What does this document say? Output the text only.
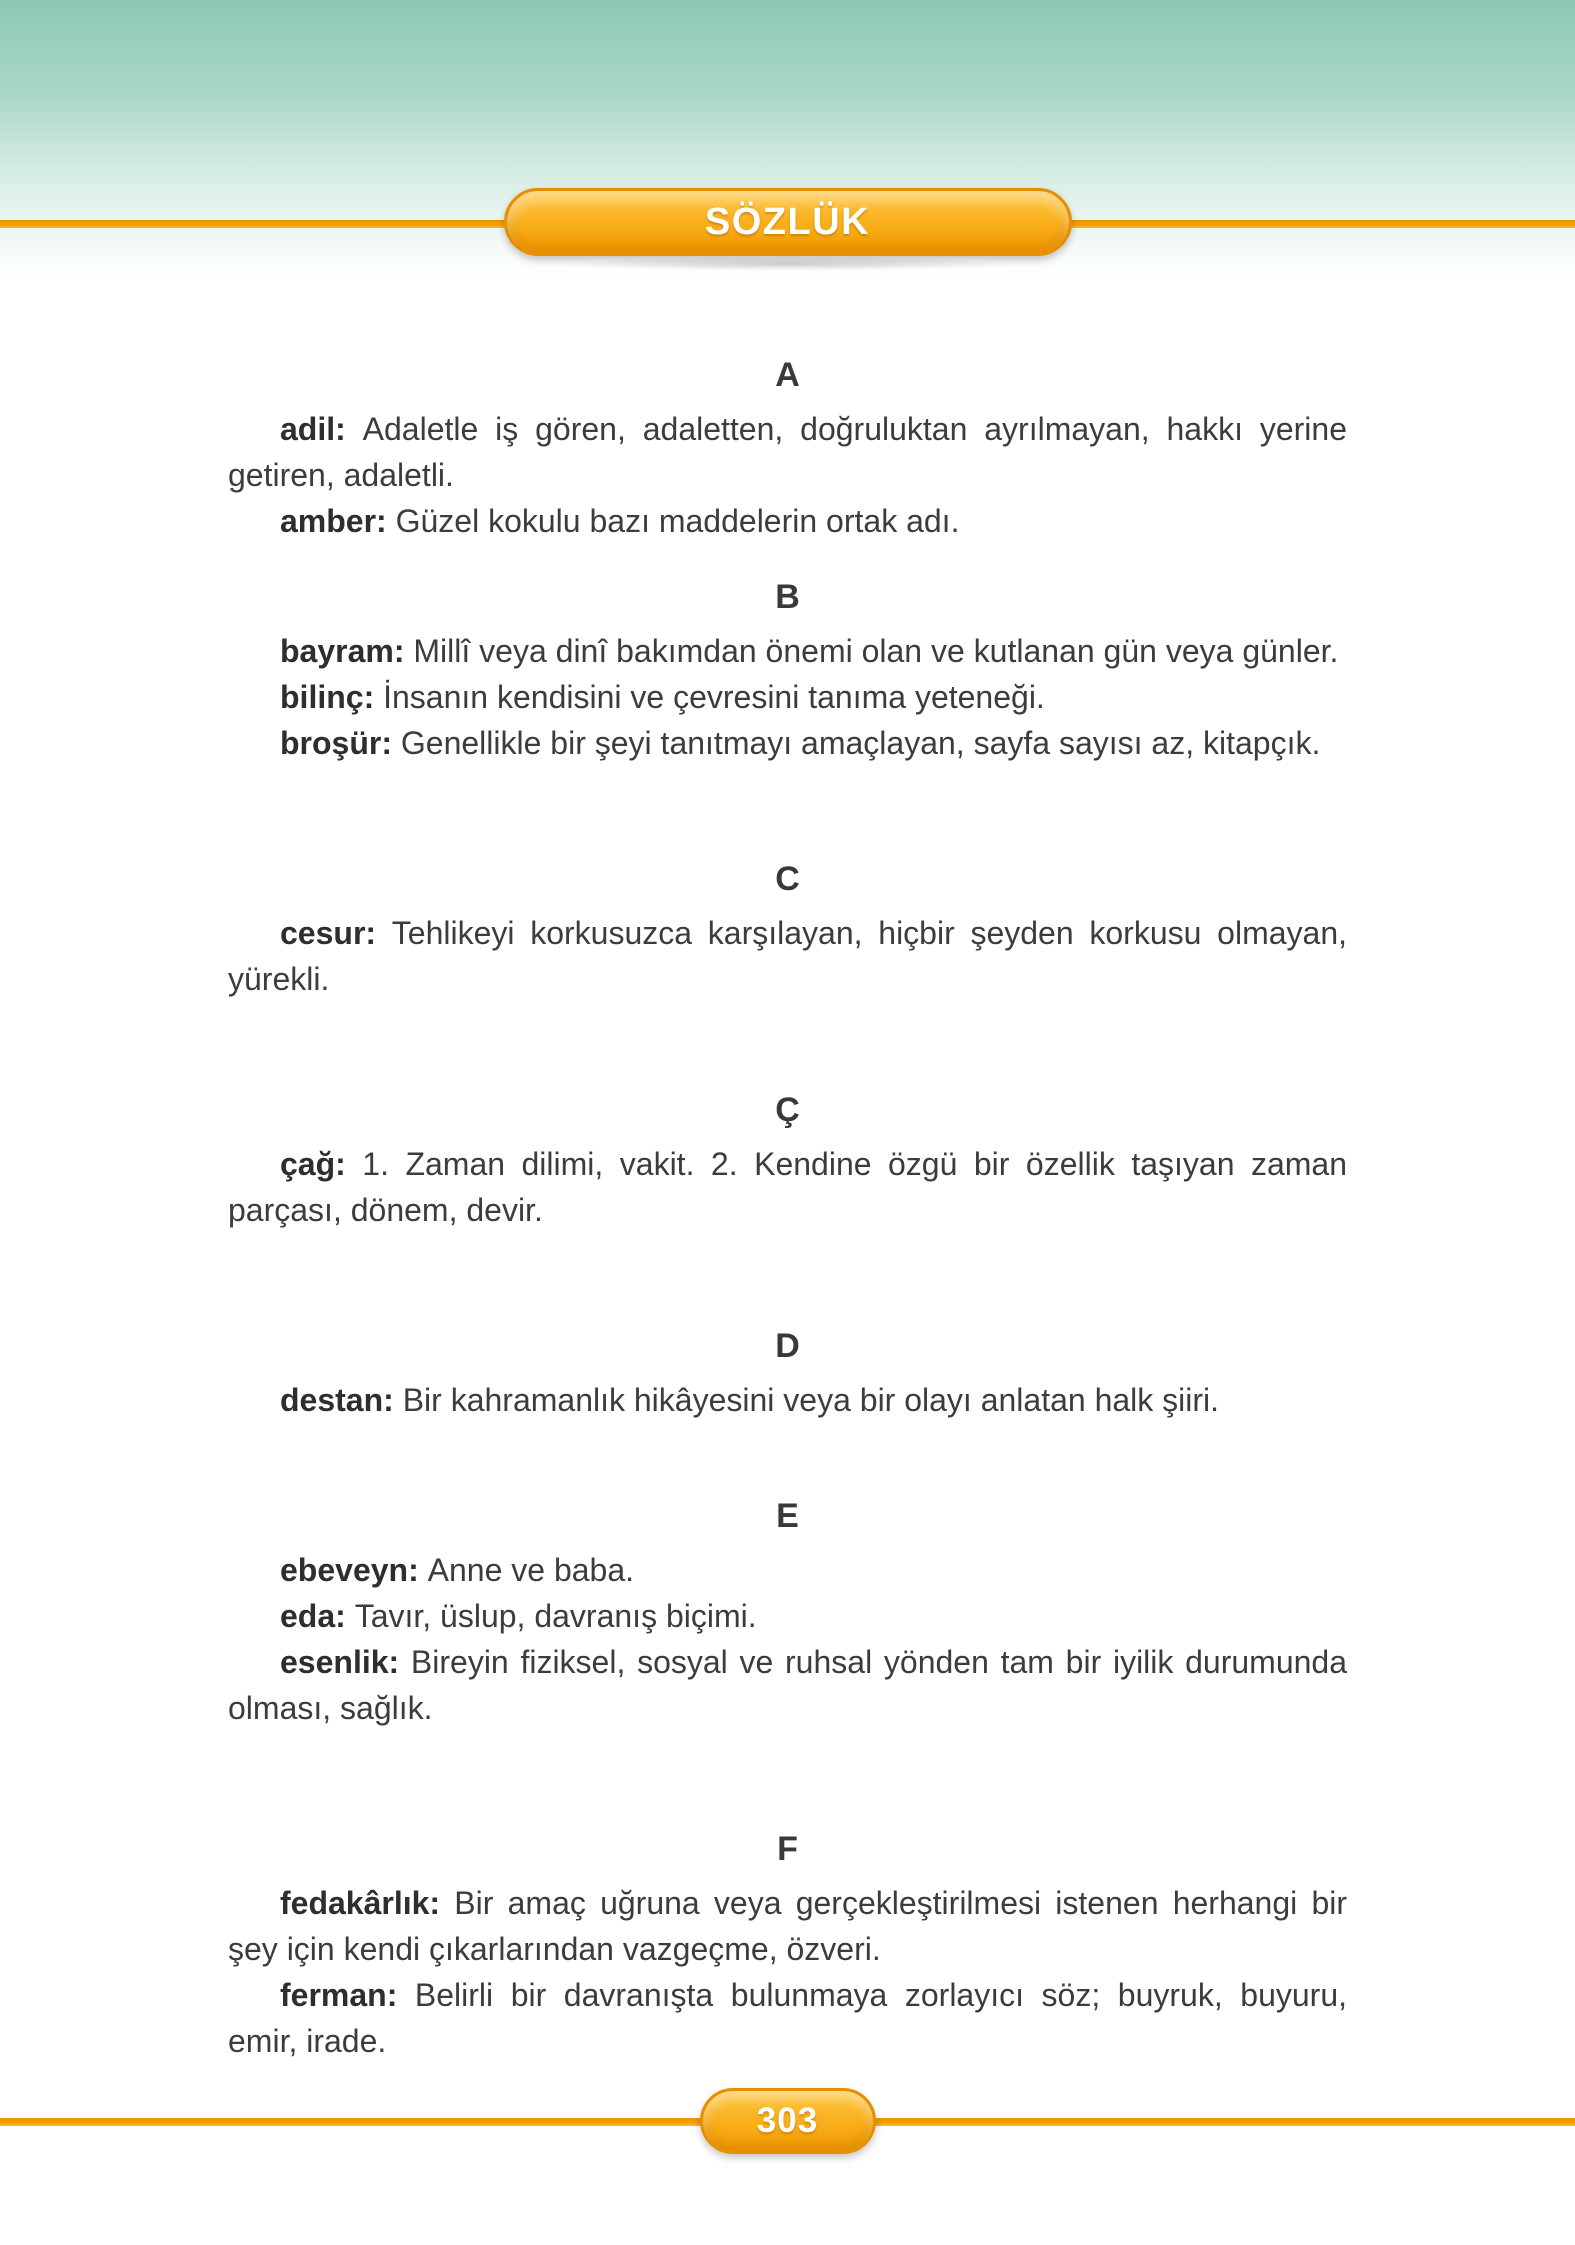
SÖZLÜK
A

adil: Adaletle iş gören, adaletten, doğruluktan ayrılmayan, hakkı yerine getiren, adaletli.

amber: Güzel kokulu bazı maddelerin ortak adı.

B

bayram: Millî veya dinî bakımdan önemi olan ve kutlanan gün veya günler.

bilinç: İnsanın kendisini ve çevresini tanıma yeteneği.

broşür: Genellikle bir şeyi tanıtmayı amaçlayan, sayfa sayısı az, kitapçık.

C

cesur: Tehlikeyi korkusuzca karşılayan, hiçbir şeyden korkusu olmayan, yürekli.

Ç

çağ: 1. Zaman dilimi, vakit. 2. Kendine özgü bir özellik taşıyan zaman parçası, dönem, devir.

D

destan: Bir kahramanlık hikâyesini veya bir olayı anlatan halk şiiri.

E

ebeveyn: Anne ve baba.

eda: Tavır, üslup, davranış biçimi.

esenlik: Bireyin fiziksel, sosyal ve ruhsal yönden tam bir iyilik durumunda olması, sağlık.

F

fedakârlık: Bir amaç uğruna veya gerçekleştirilmesi istenen herhangi bir şey için kendi çıkarlarından vazgeçme, özveri.

ferman: Belirli bir davranışta bulunmaya zorlayıcı söz; buyruk, buyuru, emir, irade.

303
